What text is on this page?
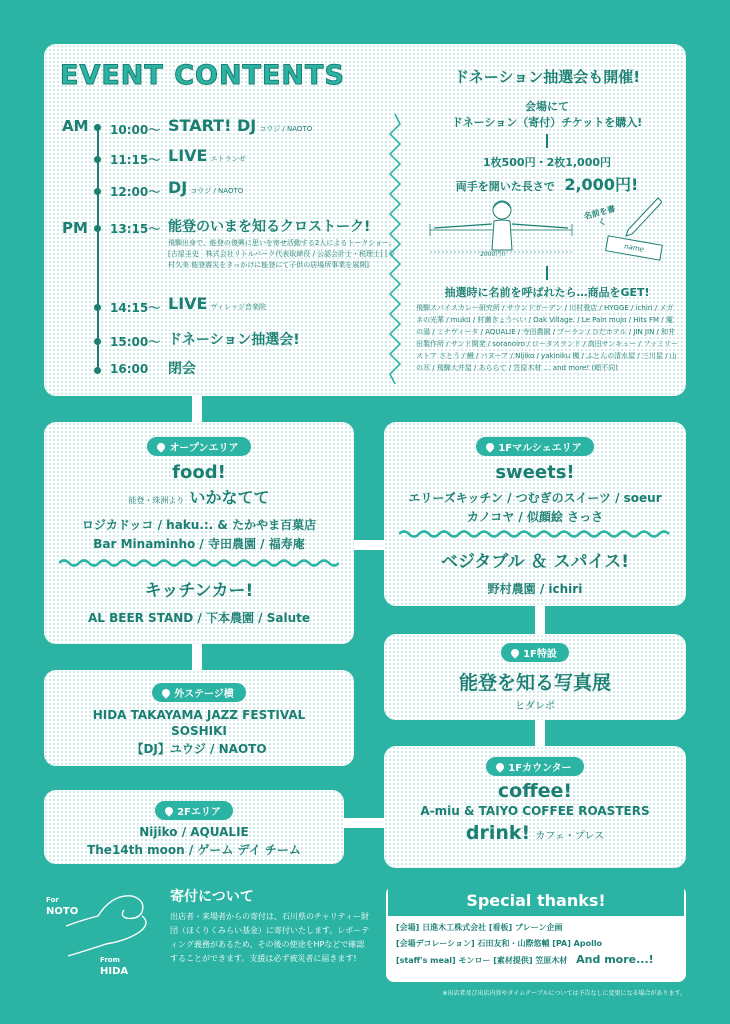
EVENT CONTENTS
AM
PM
10:00〜 START! DJ コウジ / NAOTO
11:15〜 LIVE エトランゼ
12:00〜 DJ コウジ / NAOTO
13:15〜 能登のいまを知るクロストーク!
飛騨出身で、能登の復興に思いを寄せ活動する2人によるトークショー。[古屋圭史　株式会社リトルバーク代表取締役 / 公認会計士・税理士] [今村久美 能登震災をきっかけに能登にて子供の居場所事業を展開]
14:15〜 LIVE ヴィレッジ音楽院
15:00〜 ドネーション抽選会!
16:00 閉会
ドネーション抽選会も開催!
会場にて
ドネーション（寄付）チケットを購入!
1枚500円・2枚1,000円
両手を開いた長さで 2,000円!
2000円!!
名前を書く
name
抽選時に名前を呼ばれたら…商品をGET!
飛騨スパイスカレー研究所 / サウンドガーデン / 川村畳店 / HYGGE / ichiri / メガネの光華 / mukū / 村瀬きょうへい / Oak Village. / Le Pain mujo / Hits FM / 魔の湯 / ミナヴィータ / AQUALIE / 寺田農園 / プーラン / ひだホテル / JIN JIN / 和井田製作所 / サンド開発 / soranoiro / ロータスランド / 高田サンキュー / ファミリーストア さとう / 鰻 / パヌーア / Nijiko / yakiniku 楓 / ふとんの清水屋 / 三川屋 / 山の耳 / 飛騨大井屋 / あららて / 笠原木材 … and more! (順不同)
オープンエリア
food!
能登・珠洲より いかなてて
ロジカドッコ / haku.:. & たかやま百菓店
Bar Minaminho / 寺田農園 / 福寿庵
キッチンカー!
AL BEER STAND / 下本農園 / Salute
1Fマルシェエリア
sweets!
エリーズキッチン / つむぎのスイーツ / soeur
カノコヤ / 似顔絵 さっさ
ベジタブル ＆ スパイス!
野村農園 / ichiri
1F特設
能登を知る写真展
ヒダレポ
外ステージ横
HIDA TAKAYAMA JAZZ FESTIVAL
SOSHIKI
【DJ】ユウジ / NAOTO
1Fカウンター
coffee!
A-miu & TAIYO COFFEE ROASTERS
drink! カフェ・プレス
2Fエリア
Nijiko / AQUALIE
The14th moon / ゲーム デイ チーム
For
NOTO
From
HIDA
寄付について
出店者・来場者からの寄付は、石川県のチャリティー財団（ほくりくみらい基金）に寄付いたします。レポーティング義務があるため、その後の使途をHPなどで確認することができます。支援は必ず被災者に届きます!
Special thanks!
[会場] 日進木工株式会社 [看板] ブレーン企画
[会場デコレーション] 石田友和・山際悠輔 [PA] Apollo
[staff's meal] モンロー [素材提供] 笠原木材 And more...!
※出店者及び出店内容やタイムテーブルについては予告なしに変更になる場合があります。
